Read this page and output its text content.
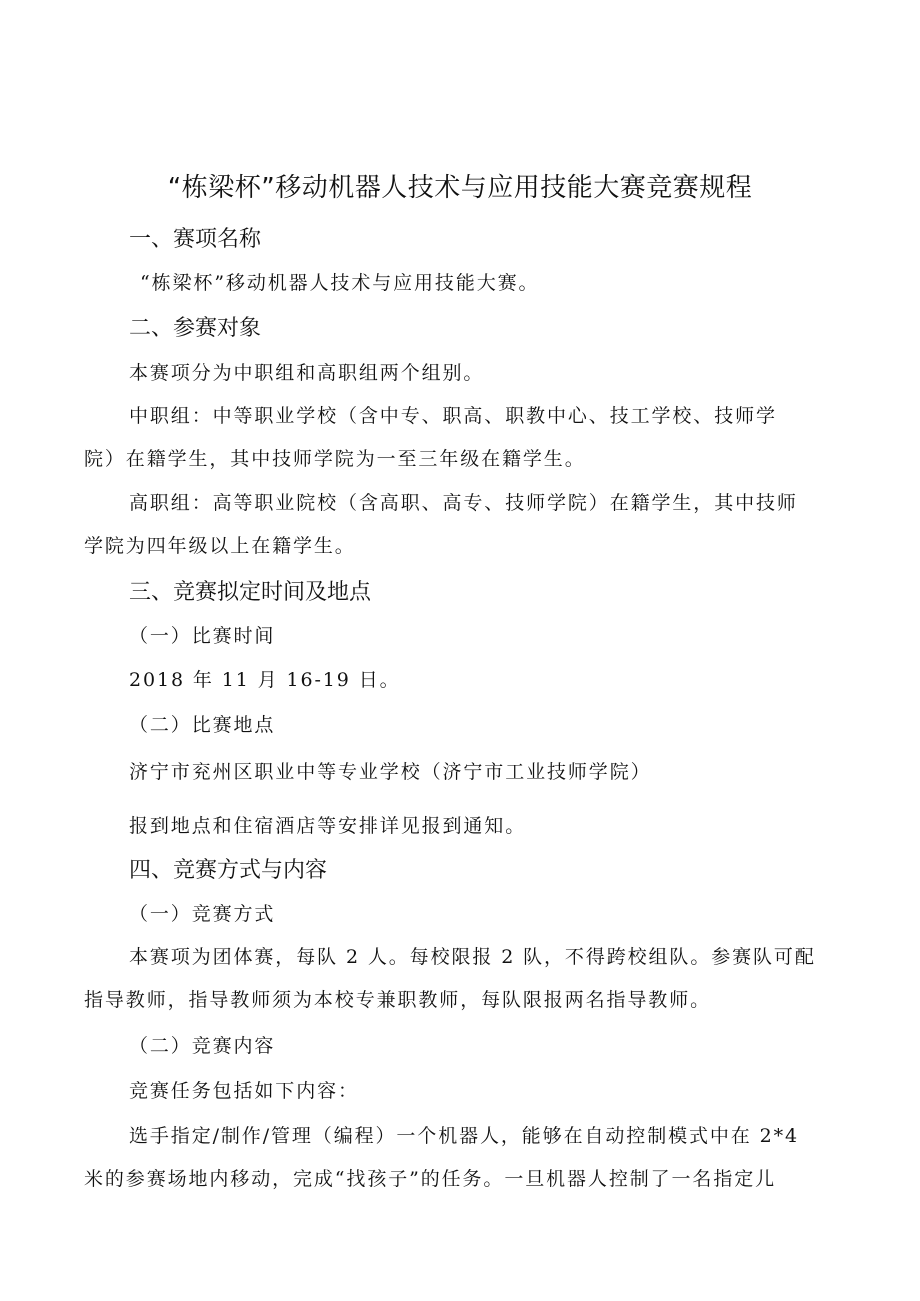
“栋梁杯”移动机器人技术与应用技能大赛竞赛规程
一、赛项名称
“栋梁杯”移动机器人技术与应用技能大赛。
二、参赛对象
本赛项分为中职组和高职组两个组别。
中职组：中等职业学校（含中专、职高、职教中心、技工学校、技师学
院）在籍学生，其中技师学院为一至三年级在籍学生。
高职组：高等职业院校（含高职、高专、技师学院）在籍学生，其中技师
学院为四年级以上在籍学生。
三、竞赛拟定时间及地点
（一）比赛时间
2018 年 11 月 16-19 日。
（二）比赛地点
济宁市兖州区职业中等专业学校（济宁市工业技师学院）
报到地点和住宿酒店等安排详见报到通知。
四、竞赛方式与内容
（一）竞赛方式
本赛项为团体赛，每队 2 人。每校限报 2 队，不得跨校组队。参赛队可配
指导教师，指导教师须为本校专兼职教师，每队限报两名指导教师。
（二）竞赛内容
竞赛任务包括如下内容：
选手指定/制作/管理（编程）一个机器人，能够在自动控制模式中在 2*4
米的参赛场地内移动，完成“找孩子”的任务。一旦机器人控制了一名指定儿
